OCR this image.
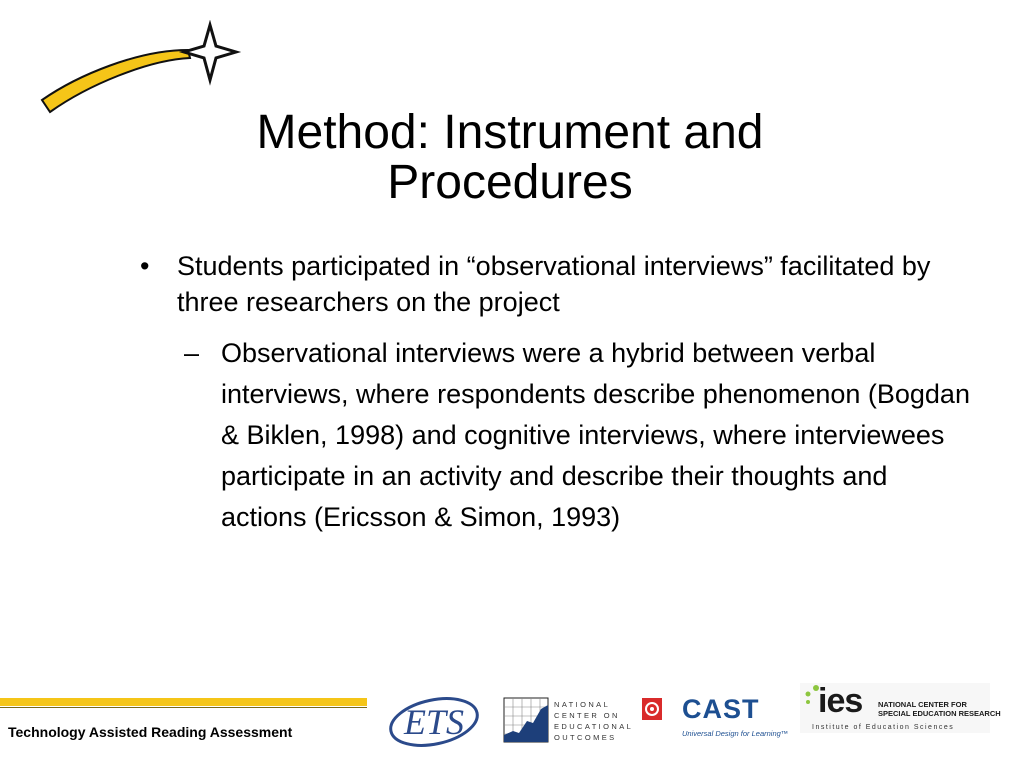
Method: Instrument and
Procedures
•	Students participated in “observational interviews” facilitated by three researchers on the project
– Observational interviews were a hybrid between verbal interviews, where respondents describe phenomenon (Bogdan & Biklen, 1998) and cognitive interviews, where interviewees participate in an activity and describe their thoughts and actions (Ericsson & Simon, 1993)
Technology Assisted Reading Assessment	ETS	NATIONAL
CENTER ON
EDUCATIONAL
OUTCOMES
CAST
Universal Design for Learning™
ies NATIONAL CENTER FOR
SPECIAL EDUCATION RESEARCH
Institute of Education Sciences
